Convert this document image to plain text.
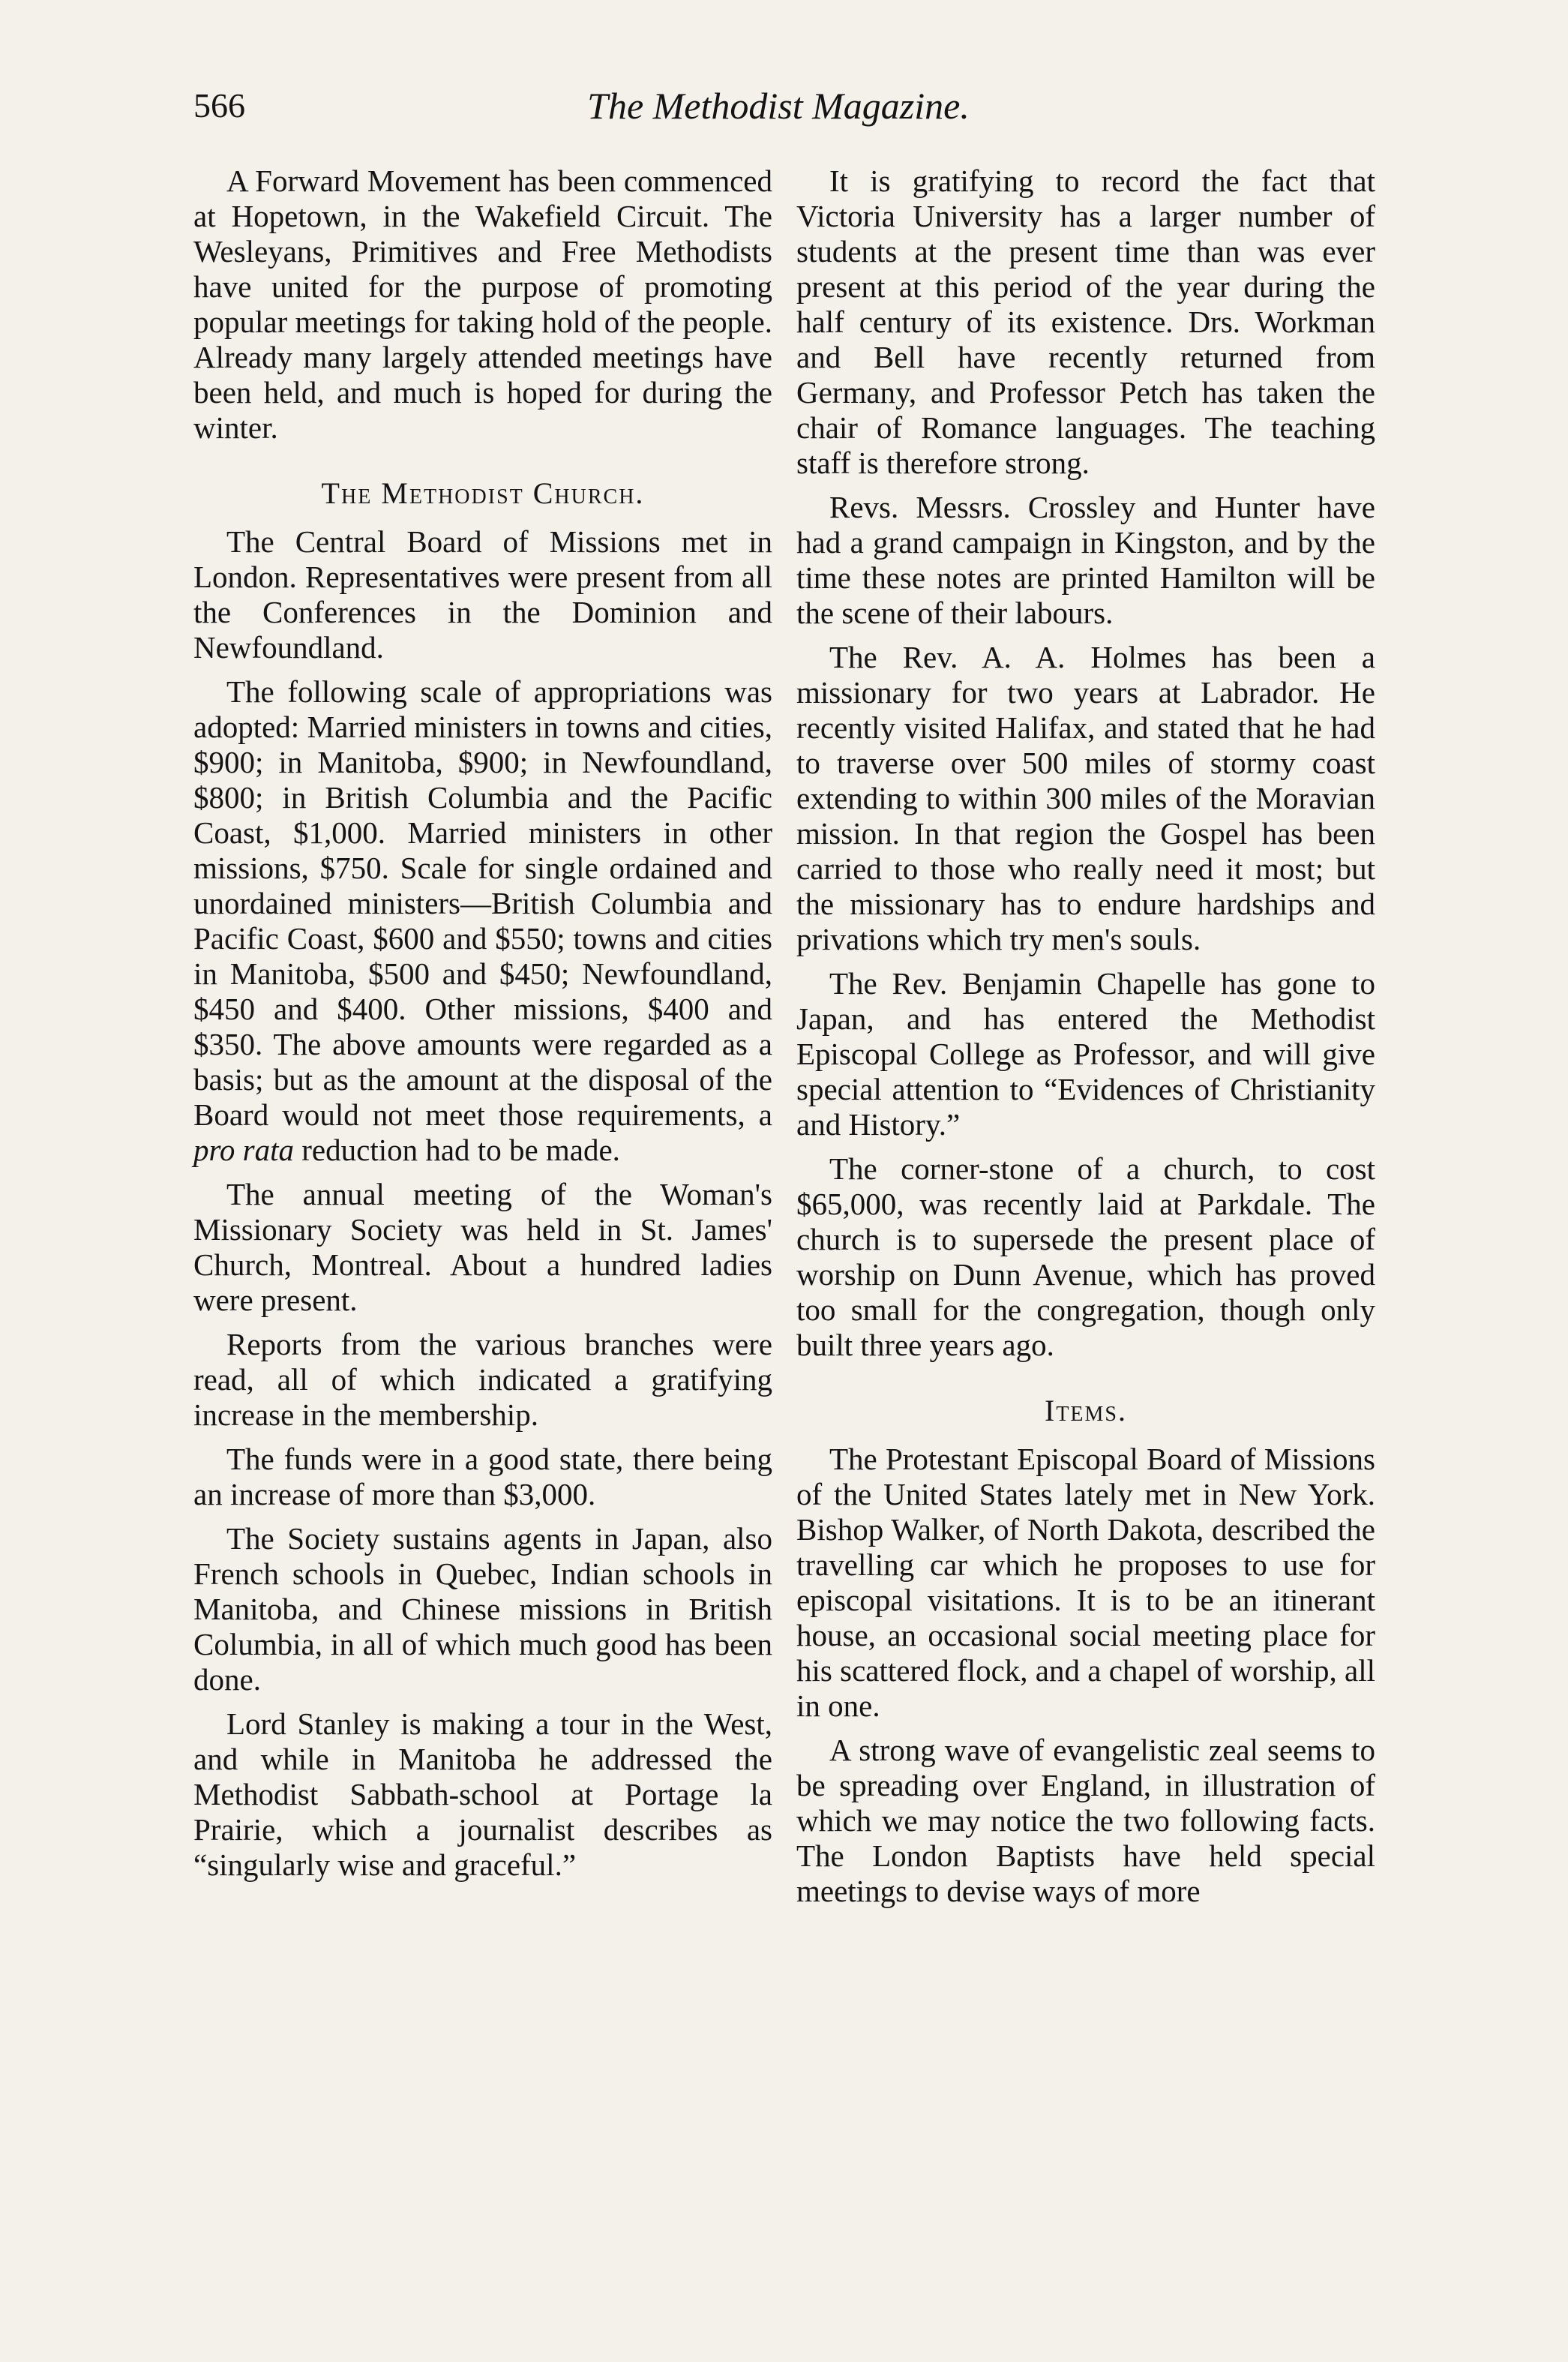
566	The Methodist Magazine.

A Forward Movement has been commenced at Hopetown, in the Wakefield Circuit. The Wesleyans, Primitives and Free Methodists have united for the purpose of promoting popular meetings for taking hold of the people. Already many largely attended meetings have been held, and much is hoped for during the winter.

The Methodist Church.

The Central Board of Missions met in London. Representatives were present from all the Conferences in the Dominion and Newfoundland.

The following scale of appropriations was adopted: Married ministers in towns and cities, $900; in Manitoba, $900; in Newfoundland, $800; in British Columbia and the Pacific Coast, $1,000. Married ministers in other missions, $750. Scale for single ordained and unordained ministers—British Columbia and Pacific Coast, $600 and $550; towns and cities in Manitoba, $500 and $450; Newfoundland, $450 and $400. Other missions, $400 and $350. The above amounts were regarded as a basis; but as the amount at the disposal of the Board would not meet those requirements, a pro rata reduction had to be made.

The annual meeting of the Woman's Missionary Society was held in St. James' Church, Montreal. About a hundred ladies were present.

Reports from the various branches were read, all of which indicated a gratifying increase in the membership.

The funds were in a good state, there being an increase of more than $3,000.

The Society sustains agents in Japan, also French schools in Quebec, Indian schools in Manitoba, and Chinese missions in British Columbia, in all of which much good has been done.

Lord Stanley is making a tour in the West, and while in Manitoba he addressed the Methodist Sabbath-school at Portage la Prairie, which a journalist describes as “singularly wise and graceful.”

It is gratifying to record the fact that Victoria University has a larger number of students at the present time than was ever present at this period of the year during the half century of its existence. Drs. Workman and Bell have recently returned from Germany, and Professor Petch has taken the chair of Romance languages. The teaching staff is therefore strong.

Revs. Messrs. Crossley and Hunter have had a grand campaign in Kingston, and by the time these notes are printed Hamilton will be the scene of their labours.

The Rev. A. A. Holmes has been a missionary for two years at Labrador. He recently visited Halifax, and stated that he had to traverse over 500 miles of stormy coast extending to within 300 miles of the Moravian mission. In that region the Gospel has been carried to those who really need it most; but the missionary has to endure hardships and privations which try men's souls.

The Rev. Benjamin Chapelle has gone to Japan, and has entered the Methodist Episcopal College as Professor, and will give special attention to “Evidences of Christianity and History.”

The corner-stone of a church, to cost $65,000, was recently laid at Parkdale. The church is to supersede the present place of worship on Dunn Avenue, which has proved too small for the congregation, though only built three years ago.

Items.

The Protestant Episcopal Board of Missions of the United States lately met in New York. Bishop Walker, of North Dakota, described the travelling car which he proposes to use for episcopal visitations. It is to be an itinerant house, an occasional social meeting place for his scattered flock, and a chapel of worship, all in one.

A strong wave of evangelistic zeal seems to be spreading over England, in illustration of which we may notice the two following facts. The London Baptists have held special meetings to devise ways of more
